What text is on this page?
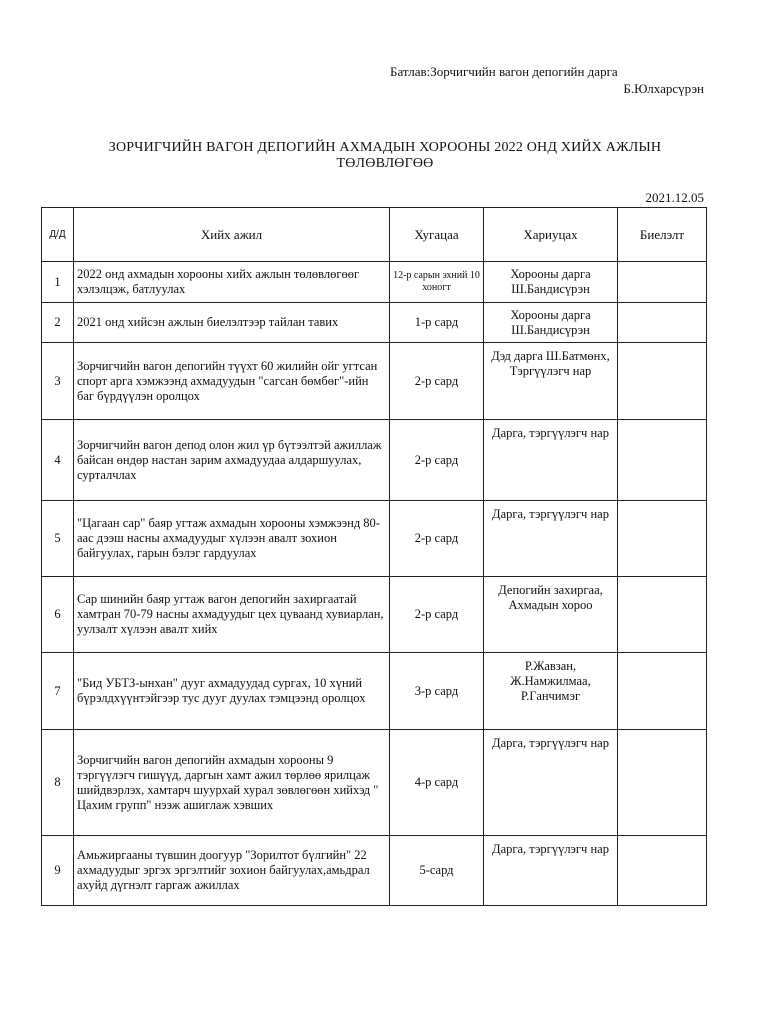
Батлав:Зорчигчийн вагон депогийн дарга
Б.Юлхарсүрэн
ЗОРЧИГЧИЙН ВАГОН ДЕПОГИЙН АХМАДЫН ХОРООНЫ 2022 ОНД ХИЙХ АЖЛЫН ТӨЛӨВЛӨГӨӨ
2021.12.05
Д/Д	Хийх ажил	Хугацаа	Хариуцах	Биелэлт
1	2022 онд ахмадын хорооны хийх ажлын төлөвлөгөөг хэлэлцэж, батлуулах	12-р сарын эхний 10 хоногт	Хорооны дарга Ш.Бандисүрэн	
2	2021 онд хийсэн ажлын биелэлтээр тайлан тавих	1-р сард	Хорооны дарга Ш.Бандисүрэн	
3	Зорчигчийн вагон депогийн түүхт 60 жилийн ойг угтсан спорт арга хэмжээнд ахмадуудын "сагсан бөмбөг"-ийн баг бүрдүүлэн оролцох	2-р сард	Дэд дарга Ш.Батмөнх, Тэргүүлэгч нар	
4	Зорчигчийн вагон депод олон жил үр бүтээлтэй ажиллаж байсан өндөр настан зарим ахмадуудаа алдаршуулах, сурталчлах	2-р сард	Дарга, тэргүүлэгч нар	
5	"Цагаан сар" баяр угтаж ахмадын хорооны хэмжээнд 80-аас дээш насны ахмадуудыг хүлээн авалт зохион байгуулах, гарын бэлэг гардуулах	2-р сард	Дарга, тэргүүлэгч нар	
6	Сар шинийн баяр угтаж вагон депогийн захиргаатай хамтран 70-79 насны ахмадуудыг цех цуваанд хувиарлан, уулзалт хүлээн авалт хийх	2-р сард	Депогийн захиргаа, Ахмадын хороо	
7	"Бид УБТЗ-ынхан" дууг ахмадуудад сургах, 10 хүний бүрэлдхүүнтэйгээр тус дууг дуулах тэмцээнд оролцох	3-р сард	Р.Жавзан, Ж.Намжилмаа, Р.Ганчимэг	
8	Зорчигчийн вагон депогийн ахмадын хорооны 9 тэргүүлэгч гишүүд, даргын хамт ажил төрлөө ярилцаж шийдвэрлэх, хамтарч шуурхай хурал зөвлөгөөн хийхэд " Цахим групп" нээж ашиглаж хэвших	4-р сард	Дарга, тэргүүлэгч нар	
9	Амьжиргааны түвшин доогуур "Зорилтот бүлгийн" 22 ахмадуудыг эргэх эргэлтийг зохион байгуулах,амьдрал ахуйд дүгнэлт гаргаж ажиллах	5-сард	Дарга, тэргүүлэгч нар	
